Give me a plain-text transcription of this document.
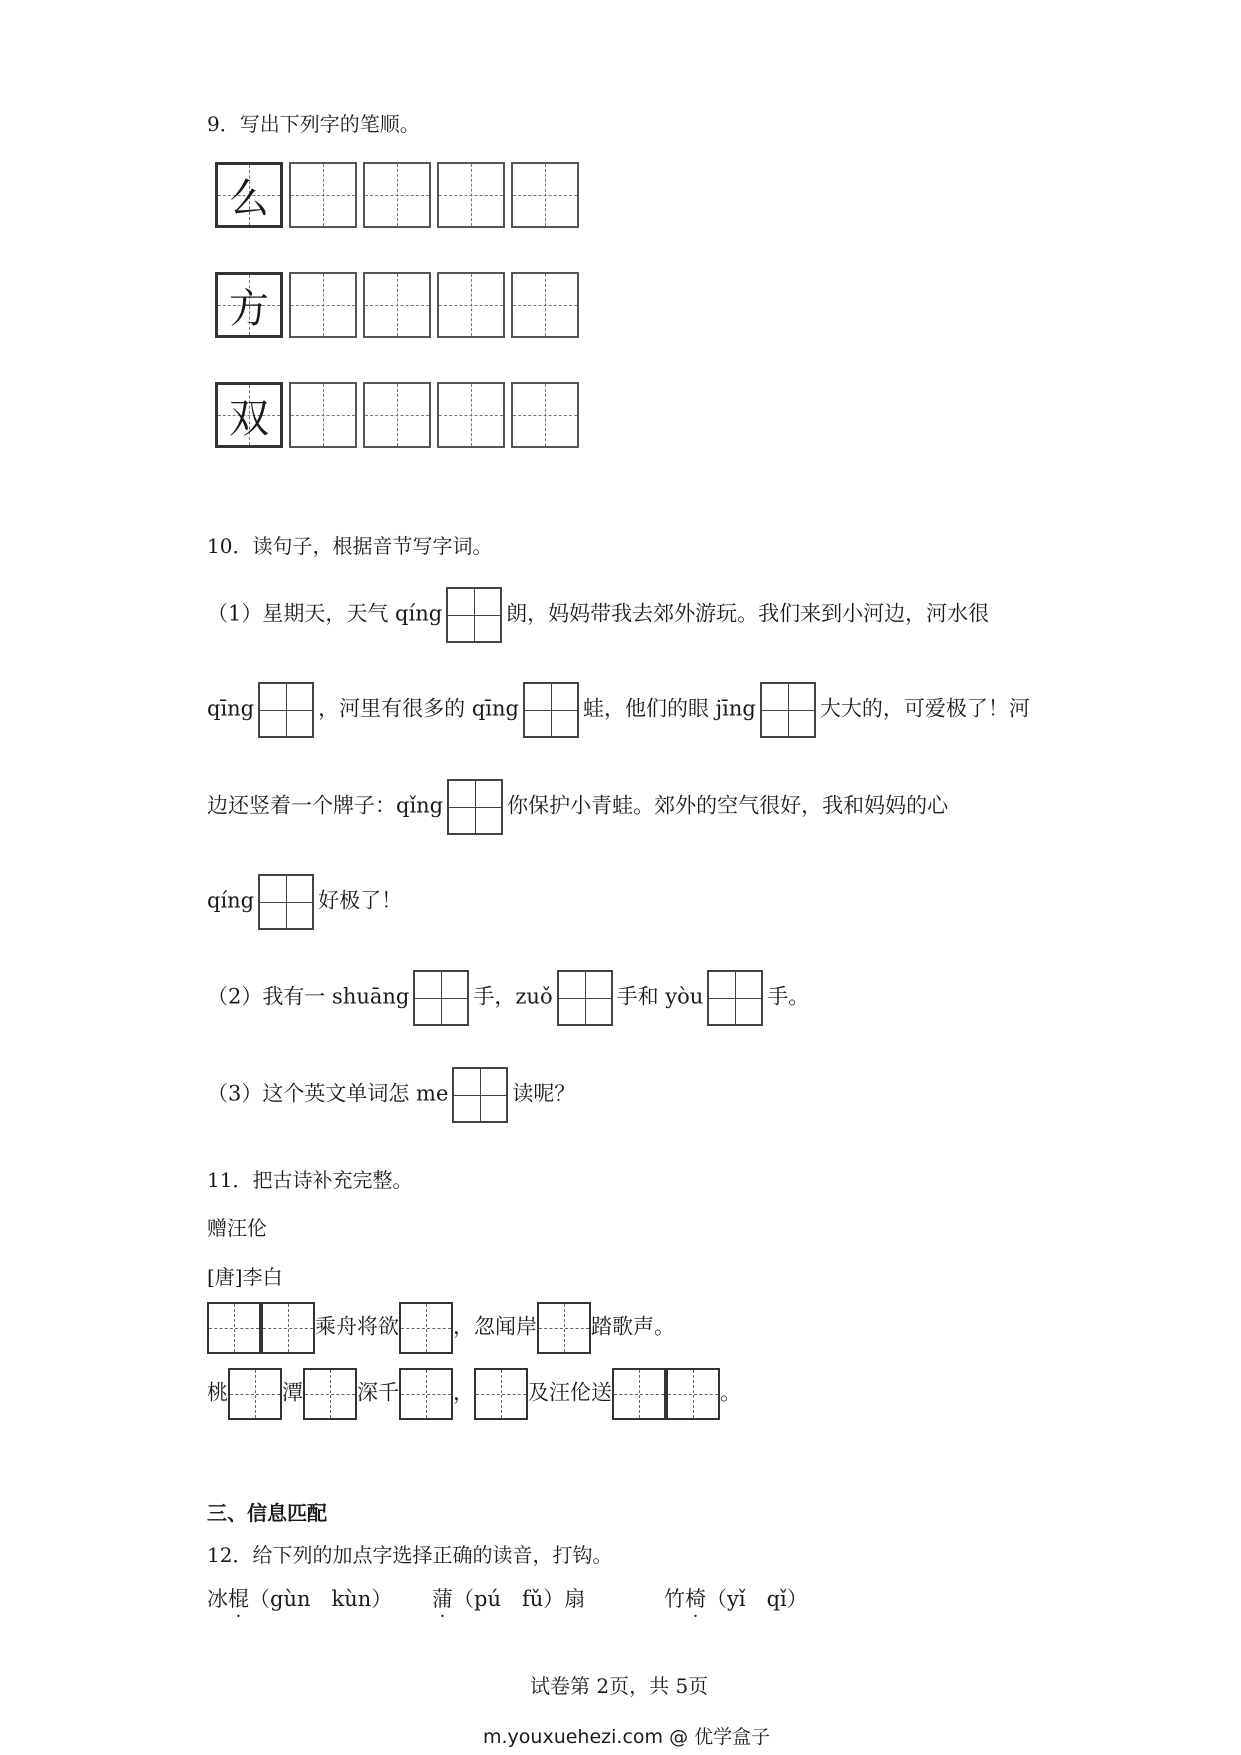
9．写出下列字的笔顺。
么
方
双
10．读句子，根据音节写字词。
（1）星期天，天气 qíng	朗，妈妈带我去郊外游玩。我们来到小河边，河水很
qīng	，河里有很多的 qīng	蛙，他们的眼 jīng	大大的，可爱极了！河
边还竖着一个牌子：qǐng	你保护小青蛙。郊外的空气很好，我和妈妈的心
qíng	好极了！
（2）我有一 shuāng	手，zuǒ	手和 yòu	手。
（3）这个英文单词怎 me	读呢？
11．把古诗补充完整。
赠汪伦
[唐]李白
乘舟将欲	，忽闻岸	踏歌声。
桃	潭	深千	，	及汪伦送	。
三、信息匹配
12．给下列的加点字选择正确的读音，打钩。
冰棍（gùn　kùn） 蒲（pú　fǔ）扇	竹椅（yǐ　qǐ）
试卷第 2页，共 5页
m.youxuehezi.com @ 优学盒子
